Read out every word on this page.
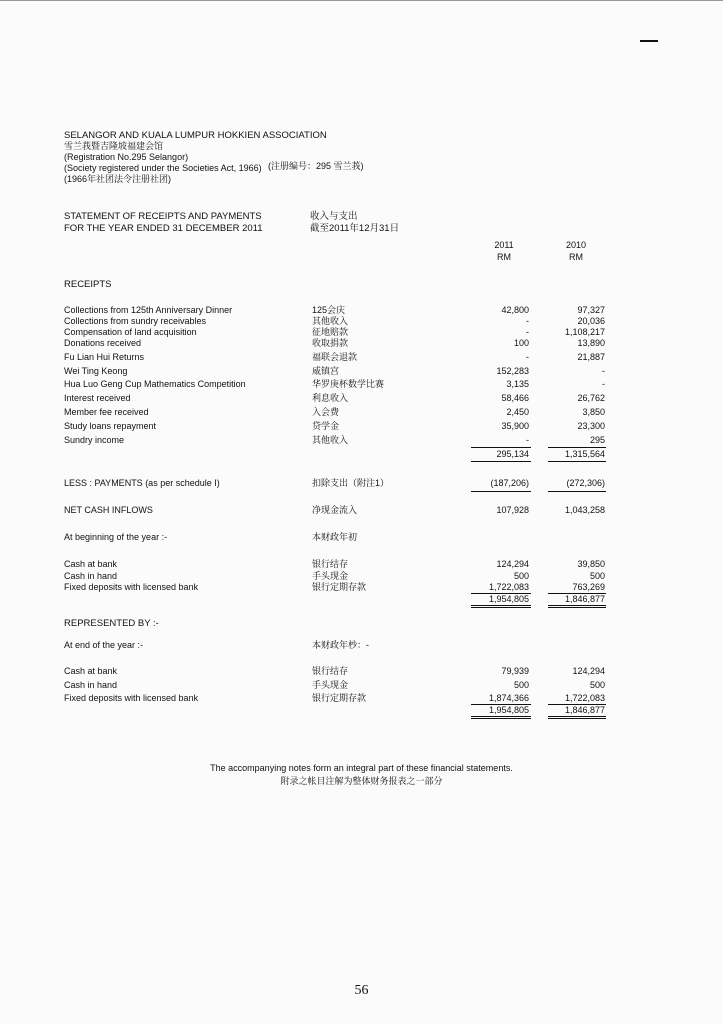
SELANGOR AND KUALA LUMPUR HOKKIEN ASSOCIATION
雪兰莪暨吉隆坡福建会馆
(Registration No.295 Selangor)
(Society registered under the Societies Act, 1966)
(1966年社团法令注册社团)
(注册编号：295 雪兰莪)
STATEMENT OF RECEIPTS AND PAYMENTS
FOR THE YEAR ENDED 31 DECEMBER 2011
收入与支出
截至2011年12月31日
2011
RM
2010
RM
RECEIPTS
Collections from 125th Anniversary Dinner	125会庆	42,800	97,327
Collections from sundry receivables	其他收入	-	20,036
Compensation of land acquisition	征地赔款	-	1,108,217
Donations received	收取捐款	100	13,890
Fu Lian Hui Returns	福联会退款	-	21,887
Wei Ting Keong	威镇宫	152,283	-
Hua Luo Geng Cup Mathematics Competition	华罗庚杯数学比赛	3,135	-
Interest received	利息收入	58,466	26,762
Member fee received	入会费	2,450	3,850
Study loans repayment	贷学金	35,900	23,300
Sundry income	其他收入	-	295
295,134	1,315,564
LESS : PAYMENTS (as per schedule I)	扣除支出（附注1）	(187,206)	(272,306)
NET CASH INFLOWS	净现金流入	107,928	1,043,258
At beginning of the year :-	本财政年初
Cash at bank	银行结存	124,294	39,850
Cash in hand	手头现金	500	500
Fixed deposits with licensed bank	银行定期存款	1,722,083	763,269
1,954,805	1,846,877
REPRESENTED BY :-
At end of the year :-	本财政年杪：-
Cash at bank	银行结存	79,939	124,294
Cash in hand	手头现金	500	500
Fixed deposits with licensed bank	银行定期存款	1,874,366	1,722,083
1,954,805	1,846,877
The accompanying notes form an integral part of these financial statements.
附录之帐目注解为整体财务报表之一部分
56
